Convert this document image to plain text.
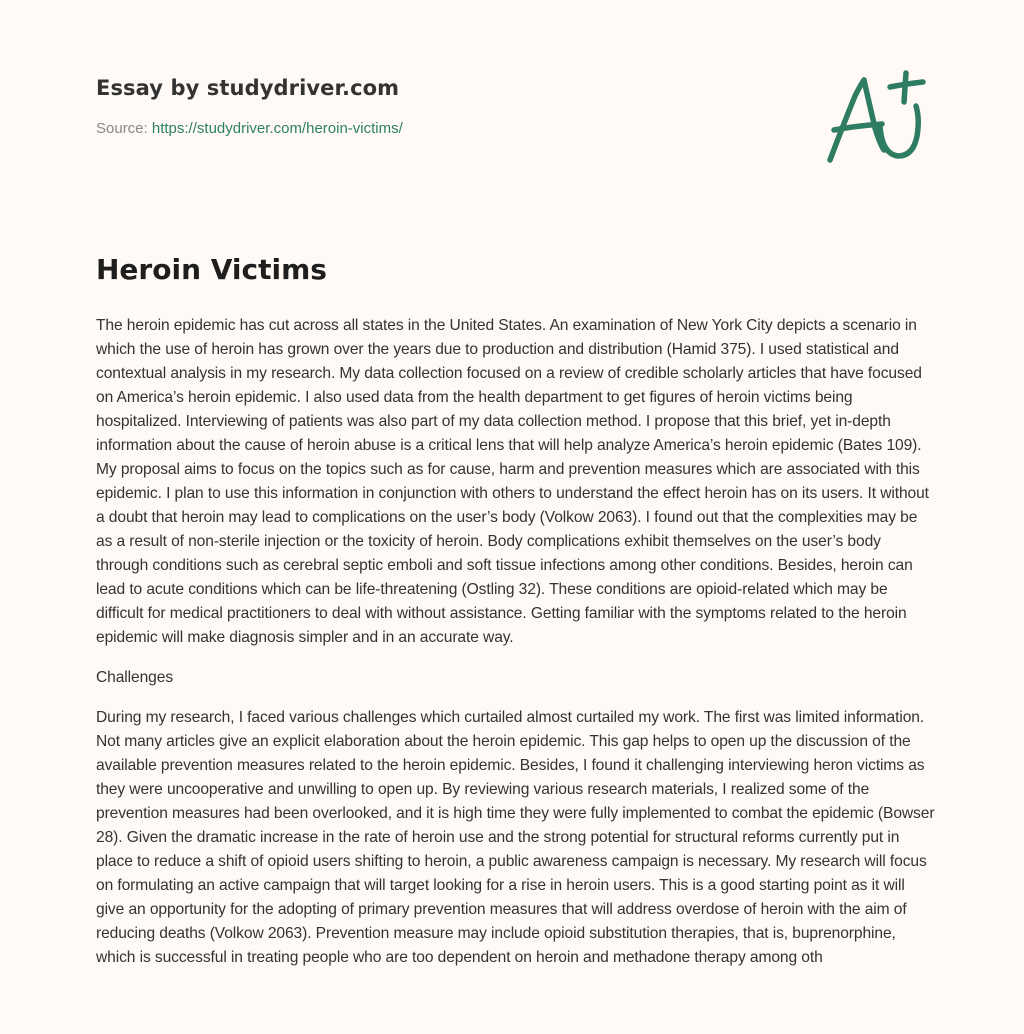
Essay by studydriver.com
Source: https://studydriver.com/heroin-victims/
Heroin Victims

The heroin epidemic has cut across all states in the United States. An examination of New York City depicts a scenario in which the use of heroin has grown over the years due to production and distribution (Hamid 375). I used statistical and contextual analysis in my research. My data collection focused on a review of credible scholarly articles that have focused on America’s heroin epidemic. I also used data from the health department to get figures of heroin victims being hospitalized. Interviewing of patients was also part of my data collection method. I propose that this brief, yet in-depth information about the cause of heroin abuse is a critical lens that will help analyze America’s heroin epidemic (Bates 109). My proposal aims to focus on the topics such as for cause, harm and prevention measures which are associated with this epidemic. I plan to use this information in conjunction with others to understand the effect heroin has on its users. It without a doubt that heroin may lead to complications on the user’s body (Volkow 2063). I found out that the complexities may be as a result of non-sterile injection or the toxicity of heroin. Body complications exhibit themselves on the user’s body through conditions such as cerebral septic emboli and soft tissue infections among other conditions. Besides, heroin can lead to acute conditions which can be life-threatening (Ostling 32). These conditions are opioid-related which may be difficult for medical practitioners to deal with without assistance. Getting familiar with the symptoms related to the heroin epidemic will make diagnosis simpler and in an accurate way.

Challenges

During my research, I faced various challenges which curtailed almost curtailed my work. The first was limited information. Not many articles give an explicit elaboration about the heroin epidemic. This gap helps to open up the discussion of the available prevention measures related to the heroin epidemic. Besides, I found it challenging interviewing heron victims as they were uncooperative and unwilling to open up. By reviewing various research materials, I realized some of the prevention measures had been overlooked, and it is high time they were fully implemented to combat the epidemic (Bowser 28). Given the dramatic increase in the rate of heroin use and the strong potential for structural reforms currently put in place to reduce a shift of opioid users shifting to heroin, a public awareness campaign is necessary. My research will focus on formulating an active campaign that will target looking for a rise in heroin users. This is a good starting point as it will give an opportunity for the adopting of primary prevention measures that will address overdose of heroin with the aim of reducing deaths (Volkow 2063). Prevention measure may include opioid substitution therapies, that is, buprenorphine, which is successful in treating people who are too dependent on heroin and methadone therapy among oth
